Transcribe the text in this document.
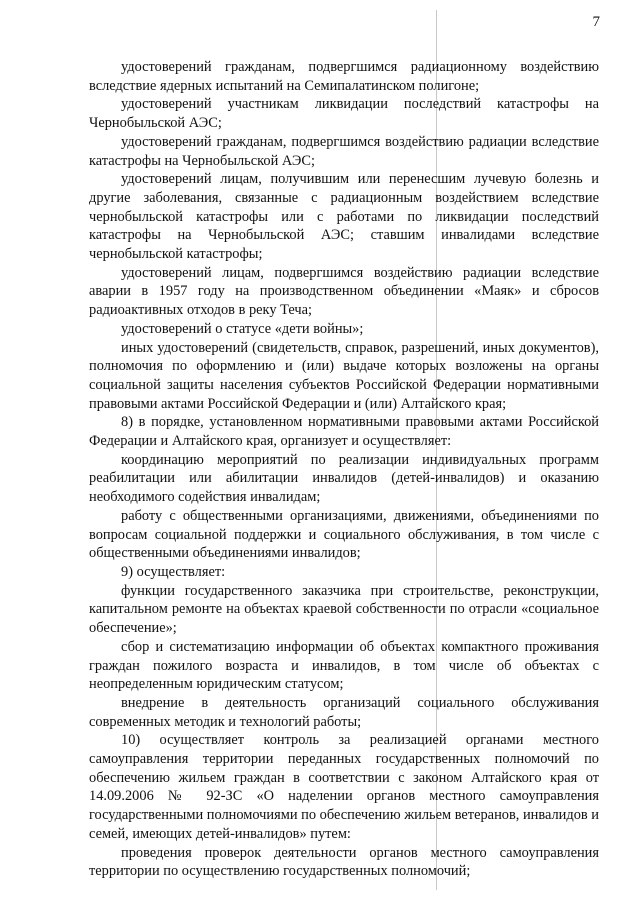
7

удостоверений гражданам, подвергшимся радиационному воздействию вследствие ядерных испытаний на Семипалатинском полигоне;

удостоверений участникам ликвидации последствий катастрофы на Чернобыльской АЭС;

удостоверений гражданам, подвергшимся воздействию радиации вследствие катастрофы на Чернобыльской АЭС;

удостоверений лицам, получившим или перенесшим лучевую болезнь и другие заболевания, связанные с радиационным воздействием вследствие чернобыльской катастрофы или с работами по ликвидации последствий катастрофы на Чернобыльской АЭС; ставшим инвалидами вследствие чернобыльской катастрофы;

удостоверений лицам, подвергшимся воздействию радиации вследствие аварии в 1957 году на производственном объединении «Маяк» и сбросов радиоактивных отходов в реку Теча;

удостоверений о статусе «дети войны»;

иных удостоверений (свидетельств, справок, разрешений, иных документов), полномочия по оформлению и (или) выдаче которых возложены на органы социальной защиты населения субъектов Российской Федерации нормативными правовыми актами Российской Федерации и (или) Алтайского края;

8) в порядке, установленном нормативными правовыми актами Российской Федерации и Алтайского края, организует и осуществляет:

координацию мероприятий по реализации индивидуальных программ реабилитации или абилитации инвалидов (детей-инвалидов) и оказанию необходимого содействия инвалидам;

работу с общественными организациями, движениями, объединениями по вопросам социальной поддержки и социального обслуживания, в том числе с общественными объединениями инвалидов;

9) осуществляет:

функции государственного заказчика при строительстве, реконструкции, капитальном ремонте на объектах краевой собственности по отрасли «социальное обеспечение»;

сбор и систематизацию информации об объектах компактного проживания граждан пожилого возраста и инвалидов, в том числе об объектах с неопределенным юридическим статусом;

внедрение в деятельность организаций социального обслуживания современных методик и технологий работы;

10) осуществляет контроль за реализацией органами местного самоуправления территории переданных государственных полномочий по обеспечению жильем граждан в соответствии с законом Алтайского края от 14.09.2006 № 92-ЗС «О наделении органов местного самоуправления государственными полномочиями по обеспечению жильем ветеранов, инвалидов и семей, имеющих детей-инвалидов» путем:

проведения проверок деятельности органов местного самоуправления территории по осуществлению государственных полномочий;
